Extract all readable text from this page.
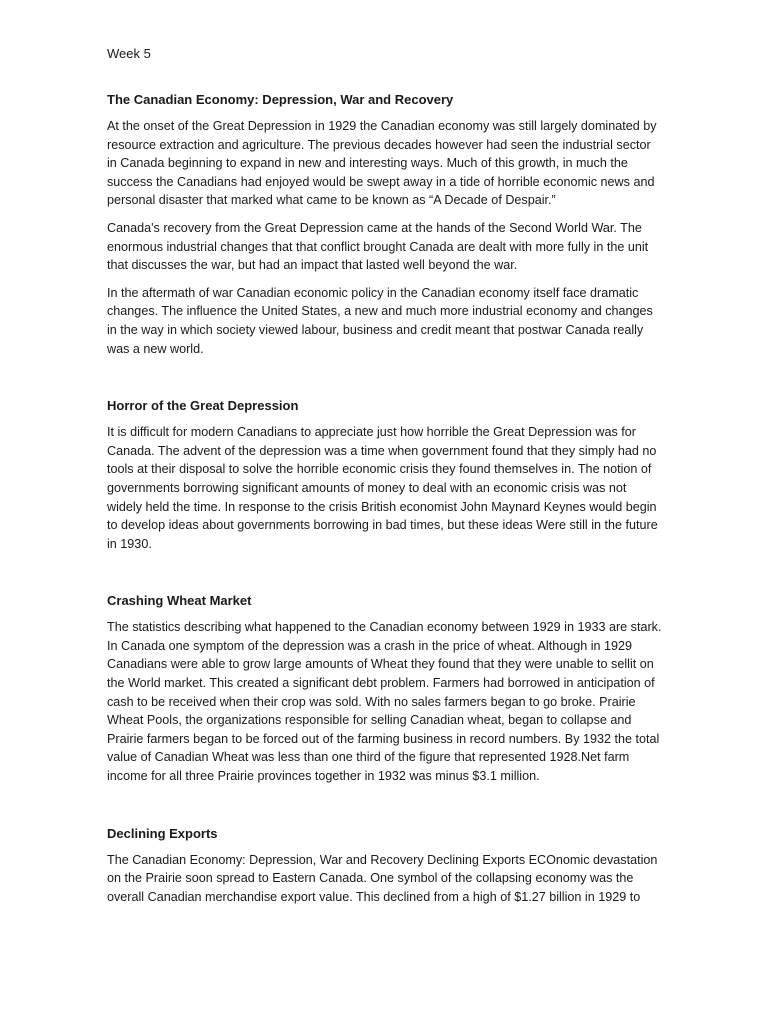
Week 5
The Canadian Economy: Depression, War and Recovery

At the onset of the Great Depression in 1929 the Canadian economy was still largely dominated by resource extraction and agriculture. The previous decades however had seen the industrial sector in Canada beginning to expand in new and interesting ways. Much of this growth, in much the success the Canadians had enjoyed would be swept away in a tide of horrible economic news and personal disaster that marked what came to be known as “A Decade of Despair.”

Canada's recovery from the Great Depression came at the hands of the Second World War. The enormous industrial changes that that conflict brought Canada are dealt with more fully in the unit that discusses the war, but had an impact that lasted well beyond the war.

In the aftermath of war Canadian economic policy in the Canadian economy itself face dramatic changes. The influence the United States, a new and much more industrial economy and changes in the way in which society viewed labour, business and credit meant that postwar Canada really was a new world.

Horror of the Great Depression

It is difficult for modern Canadians to appreciate just how horrible the Great Depression was for Canada. The advent of the depression was a time when government found that they simply had no tools at their disposal to solve the horrible economic crisis they found themselves in. The notion of governments borrowing significant amounts of money to deal with an economic crisis was not widely held the time. In response to the crisis British economist John Maynard Keynes would begin to develop ideas about governments borrowing in bad times, but these ideas Were still in the future in 1930.

Crashing Wheat Market

The statistics describing what happened to the Canadian economy between 1929 in 1933 are stark. In Canada one symptom of the depression was a crash in the price of wheat. Although in 1929 Canadians were able to grow large amounts of Wheat they found that they were unable to sellit on the World market. This created a significant debt problem. Farmers had borrowed in anticipation of cash to be received when their crop was sold. With no sales farmers began to go broke. Prairie Wheat Pools, the organizations responsible for selling Canadian wheat, began to collapse and Prairie farmers began to be forced out of the farming business in record numbers. By 1932 the total value of Canadian Wheat was less than one third of the figure that represented 1928.Net farm income for all three Prairie provinces together in 1932 was minus $3.1 million.

Declining Exports

The Canadian Economy: Depression, War and Recovery Declining Exports ECOnomic devastation on the Prairie soon spread to Eastern Canada. One symbol of the collapsing economy was the overall Canadian merchandise export value. This declined from a high of $1.27 billion in 1929 to
